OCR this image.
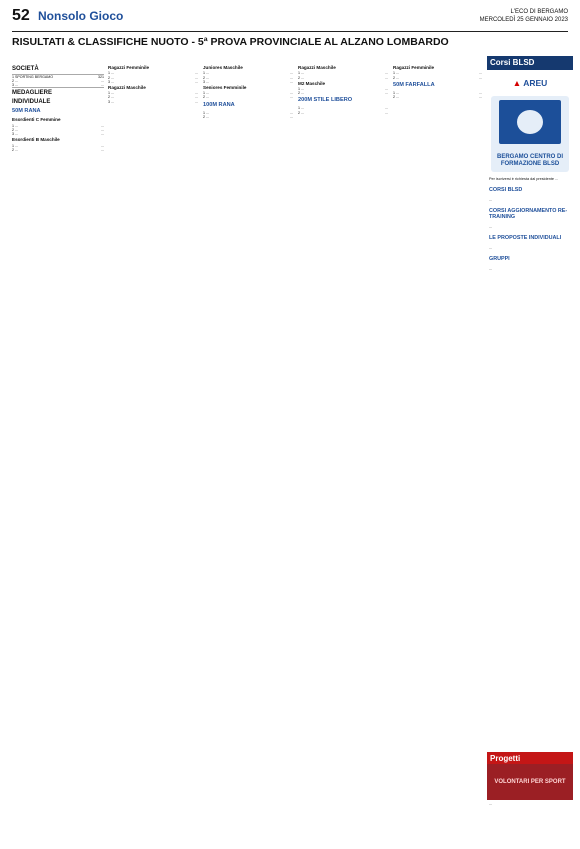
52 Nonsolo Gioco	L'ECO DI BERGAMO
MERCOLEDÌ 25 GENNAIO 2023
RISULTATI & CLASSIFICHE NUOTO - 5ª PROVA PROVINCIALE AL ALZANO LOMBARDO
SOCIETÀ
1 SPORTING BERGAMO	321
2 ...	...
3 ...	...
MEDAGLIERE
INDIVIDUALE
50M RANA
Esordienti C Femmine
1 ...	...
2 ...	...
3 ...	...
Esordienti B Maschile
1 ...	...
2 ...	...
Ragazzi Femminile
1 ...	...
2 ...	...
3 ...	...
Ragazzi Maschile
1 ...	...
2 ...	...
3 ...	...
Juniores Maschile
1 ...	...
2 ...	...
3 ...	...
Seniores Femminile
1 ...	...
2 ...	...
100M RANA
1 ...	...
2 ...	...
Ragazzi Maschile
1 ...	...
2 ...	...
M2 Maschile
1 ...	...
2 ...	...
200M STILE LIBERO
1 ...	...
2 ...	...
Ragazzi Femminile
1 ...	...
2 ...	...
50M FARFALLA
1 ...	...
2 ...	...
Corsi BLSD
▲ AREU
BERGAMO CENTRO DI FORMAZIONE BLSD
Per iscriversi è richiesta dal presidente ...
CORSI BLSD
...
CORSI AGGIORNAMENTO RE-TRAINING
...
LE PROPOSTE INDIVIDUALI
...
GRUPPI
...
Progetti
VOLONTARI PER SPORT
...
